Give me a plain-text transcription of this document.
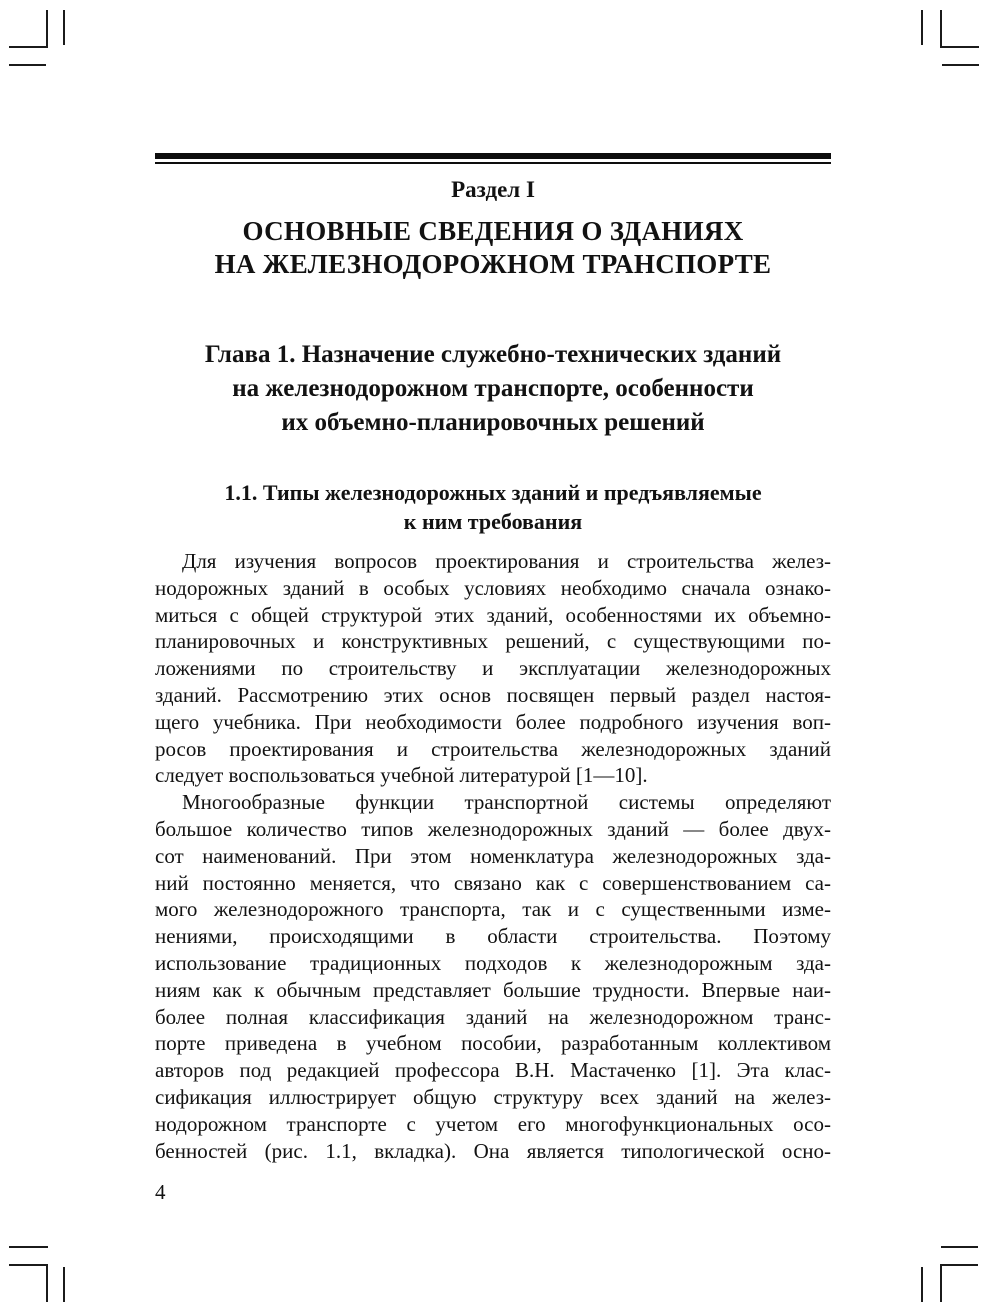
Раздел I
ОСНОВНЫЕ СВЕДЕНИЯ О ЗДАНИЯХ
НА ЖЕЛЕЗНОДОРОЖНОМ ТРАНСПОРТЕ
Глава 1. Назначение служебно-технических зданий
на железнодорожном транспорте, особенности
их объемно-планировочных решений
1.1. Типы железнодорожных зданий и предъявляемые
к ним требования
Для изучения вопросов проектирования и строительства желез-
нодорожных зданий в особых условиях необходимо сначала ознако-
миться с общей структурой этих зданий, особенностями их объемно-
планировочных и конструктивных решений, с существующими по-
ложениями по строительству и эксплуатации железнодорожных
зданий. Рассмотрению этих основ посвящен первый раздел настоя-
щего учебника. При необходимости более подробного изучения воп-
росов проектирования и строительства железнодорожных зданий
следует воспользоваться учебной литературой [1—10].
Многообразные функции транспортной системы определяют
большое количество типов железнодорожных зданий — более двух-
сот наименований. При этом номенклатура железнодорожных зда-
ний постоянно меняется, что связано как с совершенствованием са-
мого железнодорожного транспорта, так и с существенными изме-
нениями, происходящими в области строительства. Поэтому
использование традиционных подходов к железнодорожным зда-
ниям как к обычным представляет большие трудности. Впервые наи-
более полная классификация зданий на железнодорожном транс-
порте приведена в учебном пособии, разработанным коллективом
авторов под редакцией профессора В.Н. Мастаченко [1]. Эта клас-
сификация иллюстрирует общую структуру всех зданий на желез-
нодорожном транспорте с учетом его многофункциональных осо-
бенностей (рис. 1.1, вкладка). Она является типологической осно-
4
